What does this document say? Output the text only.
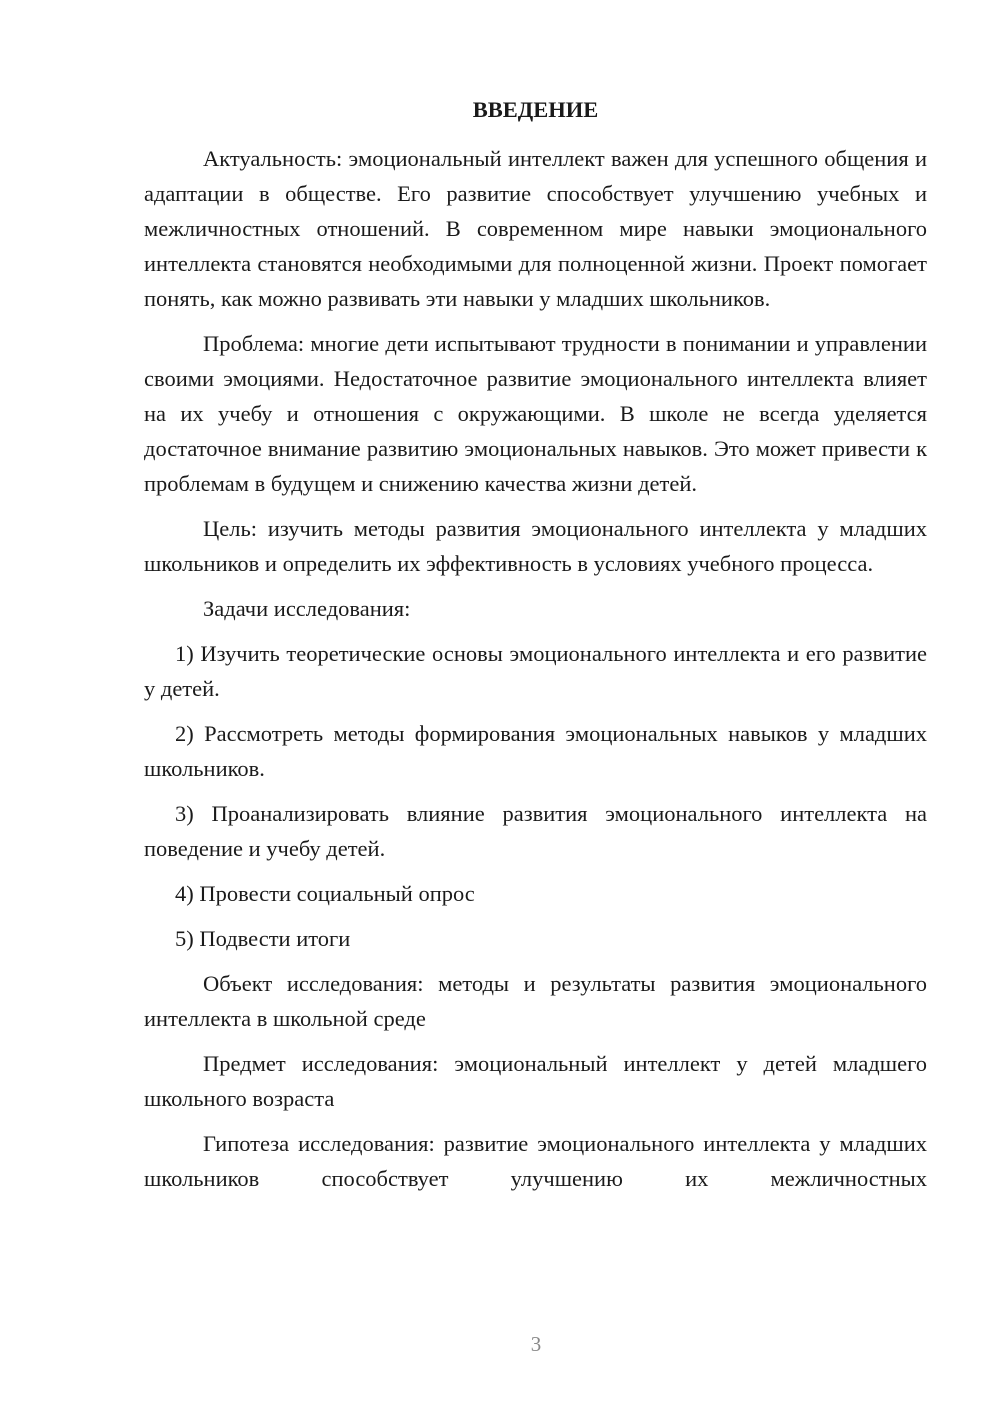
ВВЕДЕНИЕ

Актуальность: эмоциональный интеллект важен для успешного общения и адаптации в обществе. Его развитие способствует улучшению учебных и межличностных отношений. В современном мире навыки эмоционального интеллекта становятся необходимыми для полноценной жизни. Проект помогает понять, как можно развивать эти навыки у младших школьников.

Проблема: многие дети испытывают трудности в понимании и управлении своими эмоциями. Недостаточное развитие эмоционального интеллекта влияет на их учебу и отношения с окружающими. В школе не всегда уделяется достаточное внимание развитию эмоциональных навыков. Это может привести к проблемам в будущем и снижению качества жизни детей.

Цель: изучить методы развития эмоционального интеллекта у младших школьников и определить их эффективность в условиях учебного процесса.

Задачи исследования:

1) Изучить теоретические основы эмоционального интеллекта и его развитие у детей.

2) Рассмотреть методы формирования эмоциональных навыков у младших школьников.

3) Проанализировать влияние развития эмоционального интеллекта на поведение и учебу детей.

4) Провести социальный опрос

5) Подвести итоги

Объект исследования: методы и результаты развития эмоционального интеллекта в школьной среде

Предмет исследования: эмоциональный интеллект у детей младшего школьного возраста

Гипотеза исследования: развитие эмоционального интеллекта у младших школьников способствует улучшению их межличностных

3
